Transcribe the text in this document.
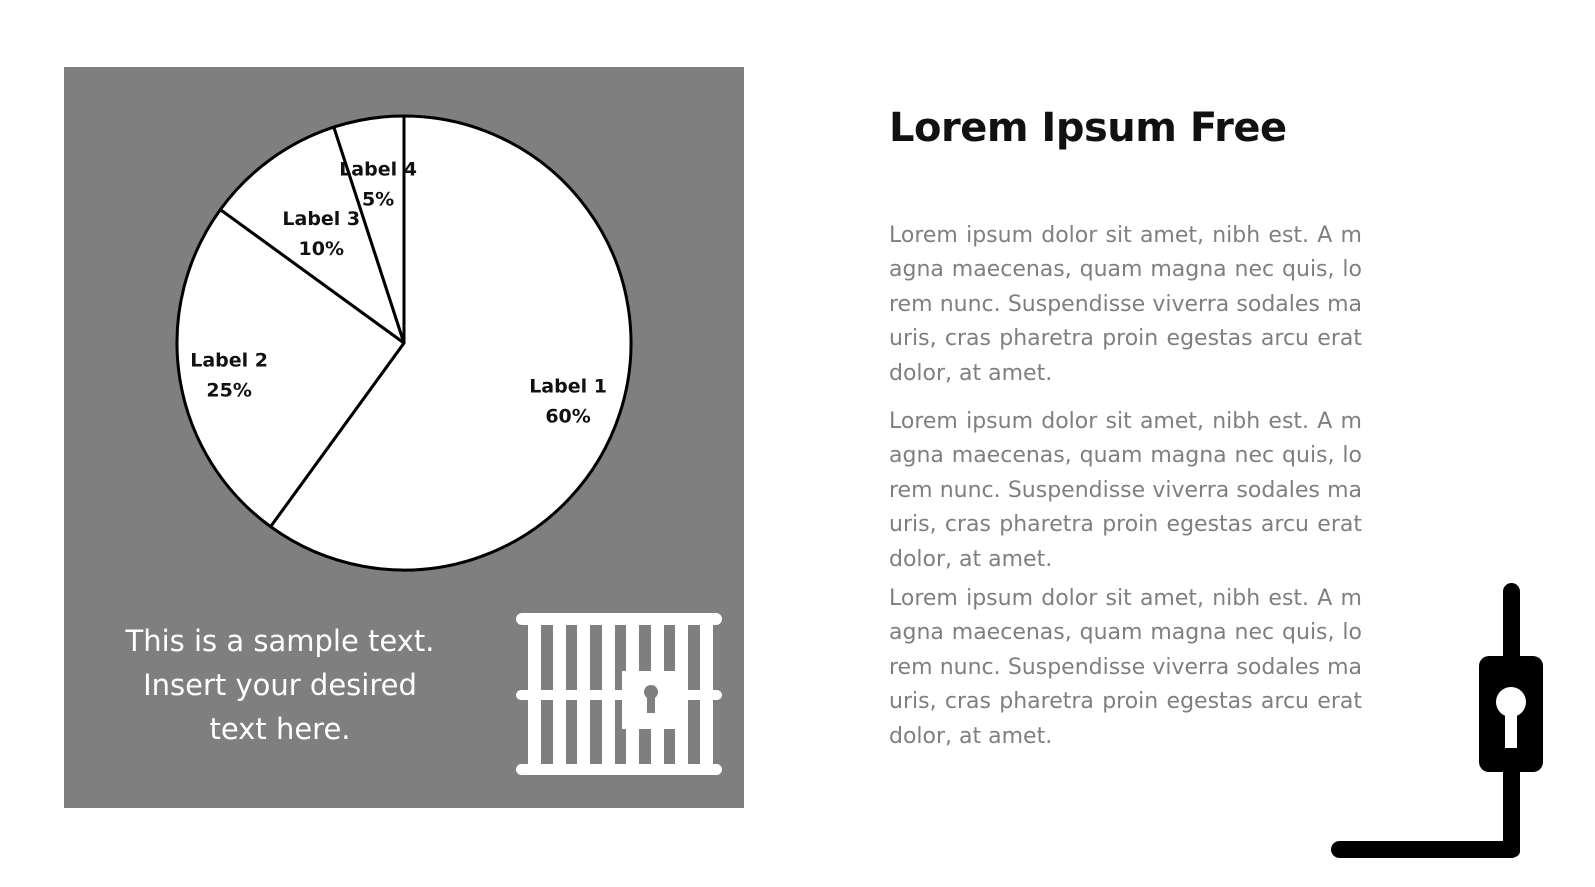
Label 1
60%
Label 2
25%
Label 3
10%
Label 4
5%
This is a sample text.
Insert your desired
text here.
Lorem Ipsum Free

Lorem ipsum dolor sit amet, nibh est. A magna maecenas, quam magna nec quis, lorem nunc. Suspendisse viverra sodales mauris, cras pharetra proin egestas arcu erat dolor, at amet.

Lorem ipsum dolor sit amet, nibh est. A magna maecenas, quam magna nec quis, lorem nunc. Suspendisse viverra sodales mauris, cras pharetra proin egestas arcu erat dolor, at amet.

Lorem ipsum dolor sit amet, nibh est. A magna maecenas, quam magna nec quis, lorem nunc. Suspendisse viverra sodales mauris, cras pharetra proin egestas arcu erat dolor, at amet.
